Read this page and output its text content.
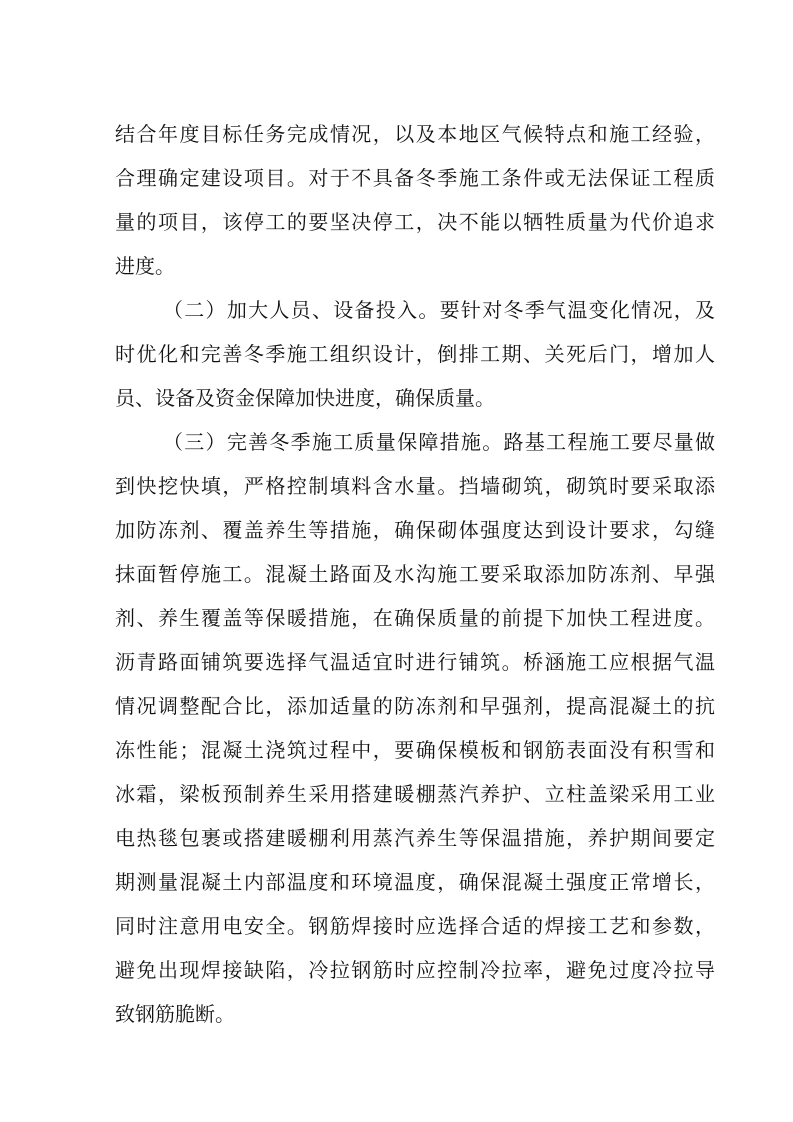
结合年度目标任务完成情况，以及本地区气候特点和施工经验，
合理确定建设项目。对于不具备冬季施工条件或无法保证工程质
量的项目，该停工的要坚决停工，决不能以牺牲质量为代价追求
进度。
（二）加大人员、设备投入。要针对冬季气温变化情况，及
时优化和完善冬季施工组织设计，倒排工期、关死后门，增加人
员、设备及资金保障加快进度，确保质量。
（三）完善冬季施工质量保障措施。路基工程施工要尽量做
到快挖快填，严格控制填料含水量。挡墙砌筑，砌筑时要采取添
加防冻剂、覆盖养生等措施，确保砌体强度达到设计要求，勾缝
抹面暂停施工。混凝土路面及水沟施工要采取添加防冻剂、早强
剂、养生覆盖等保暖措施，在确保质量的前提下加快工程进度。
沥青路面铺筑要选择气温适宜时进行铺筑。桥涵施工应根据气温
情况调整配合比，添加适量的防冻剂和早强剂，提高混凝土的抗
冻性能；混凝土浇筑过程中，要确保模板和钢筋表面没有积雪和
冰霜，梁板预制养生采用搭建暖棚蒸汽养护、立柱盖梁采用工业
电热毯包裹或搭建暖棚利用蒸汽养生等保温措施，养护期间要定
期测量混凝土内部温度和环境温度，确保混凝土强度正常增长，
同时注意用电安全。钢筋焊接时应选择合适的焊接工艺和参数，
避免出现焊接缺陷，冷拉钢筋时应控制冷拉率，避免过度冷拉导
致钢筋脆断。
